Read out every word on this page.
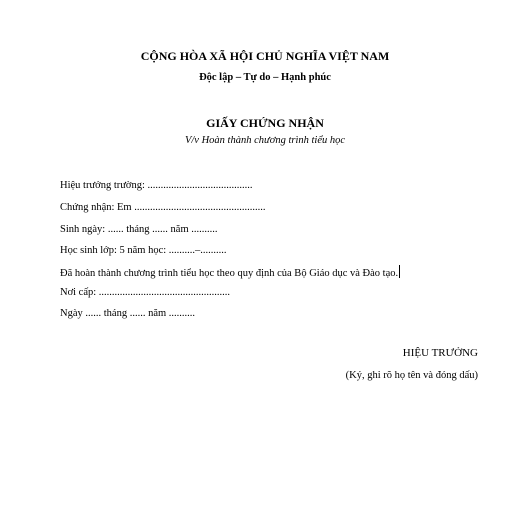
CỘNG HÒA XÃ HỘI CHỦ NGHĨA VIỆT NAM
Độc lập – Tự do – Hạnh phúc
GIẤY CHỨNG NHẬN
V/v Hoàn thành chương trình tiểu học
Hiệu trưởng trường: ........................................
Chứng nhận: Em ..................................................
Sinh ngày: ...... tháng ...... năm ..........
Học sinh lớp: 5 năm học: ..........–..........
Đã hoàn thành chương trình tiểu học theo quy định của Bộ Giáo dục và Đào tạo.
Nơi cấp: ..................................................
Ngày ...... tháng ...... năm ..........
HIỆU TRƯỞNG
(Ký, ghi rõ họ tên và đóng dấu)
